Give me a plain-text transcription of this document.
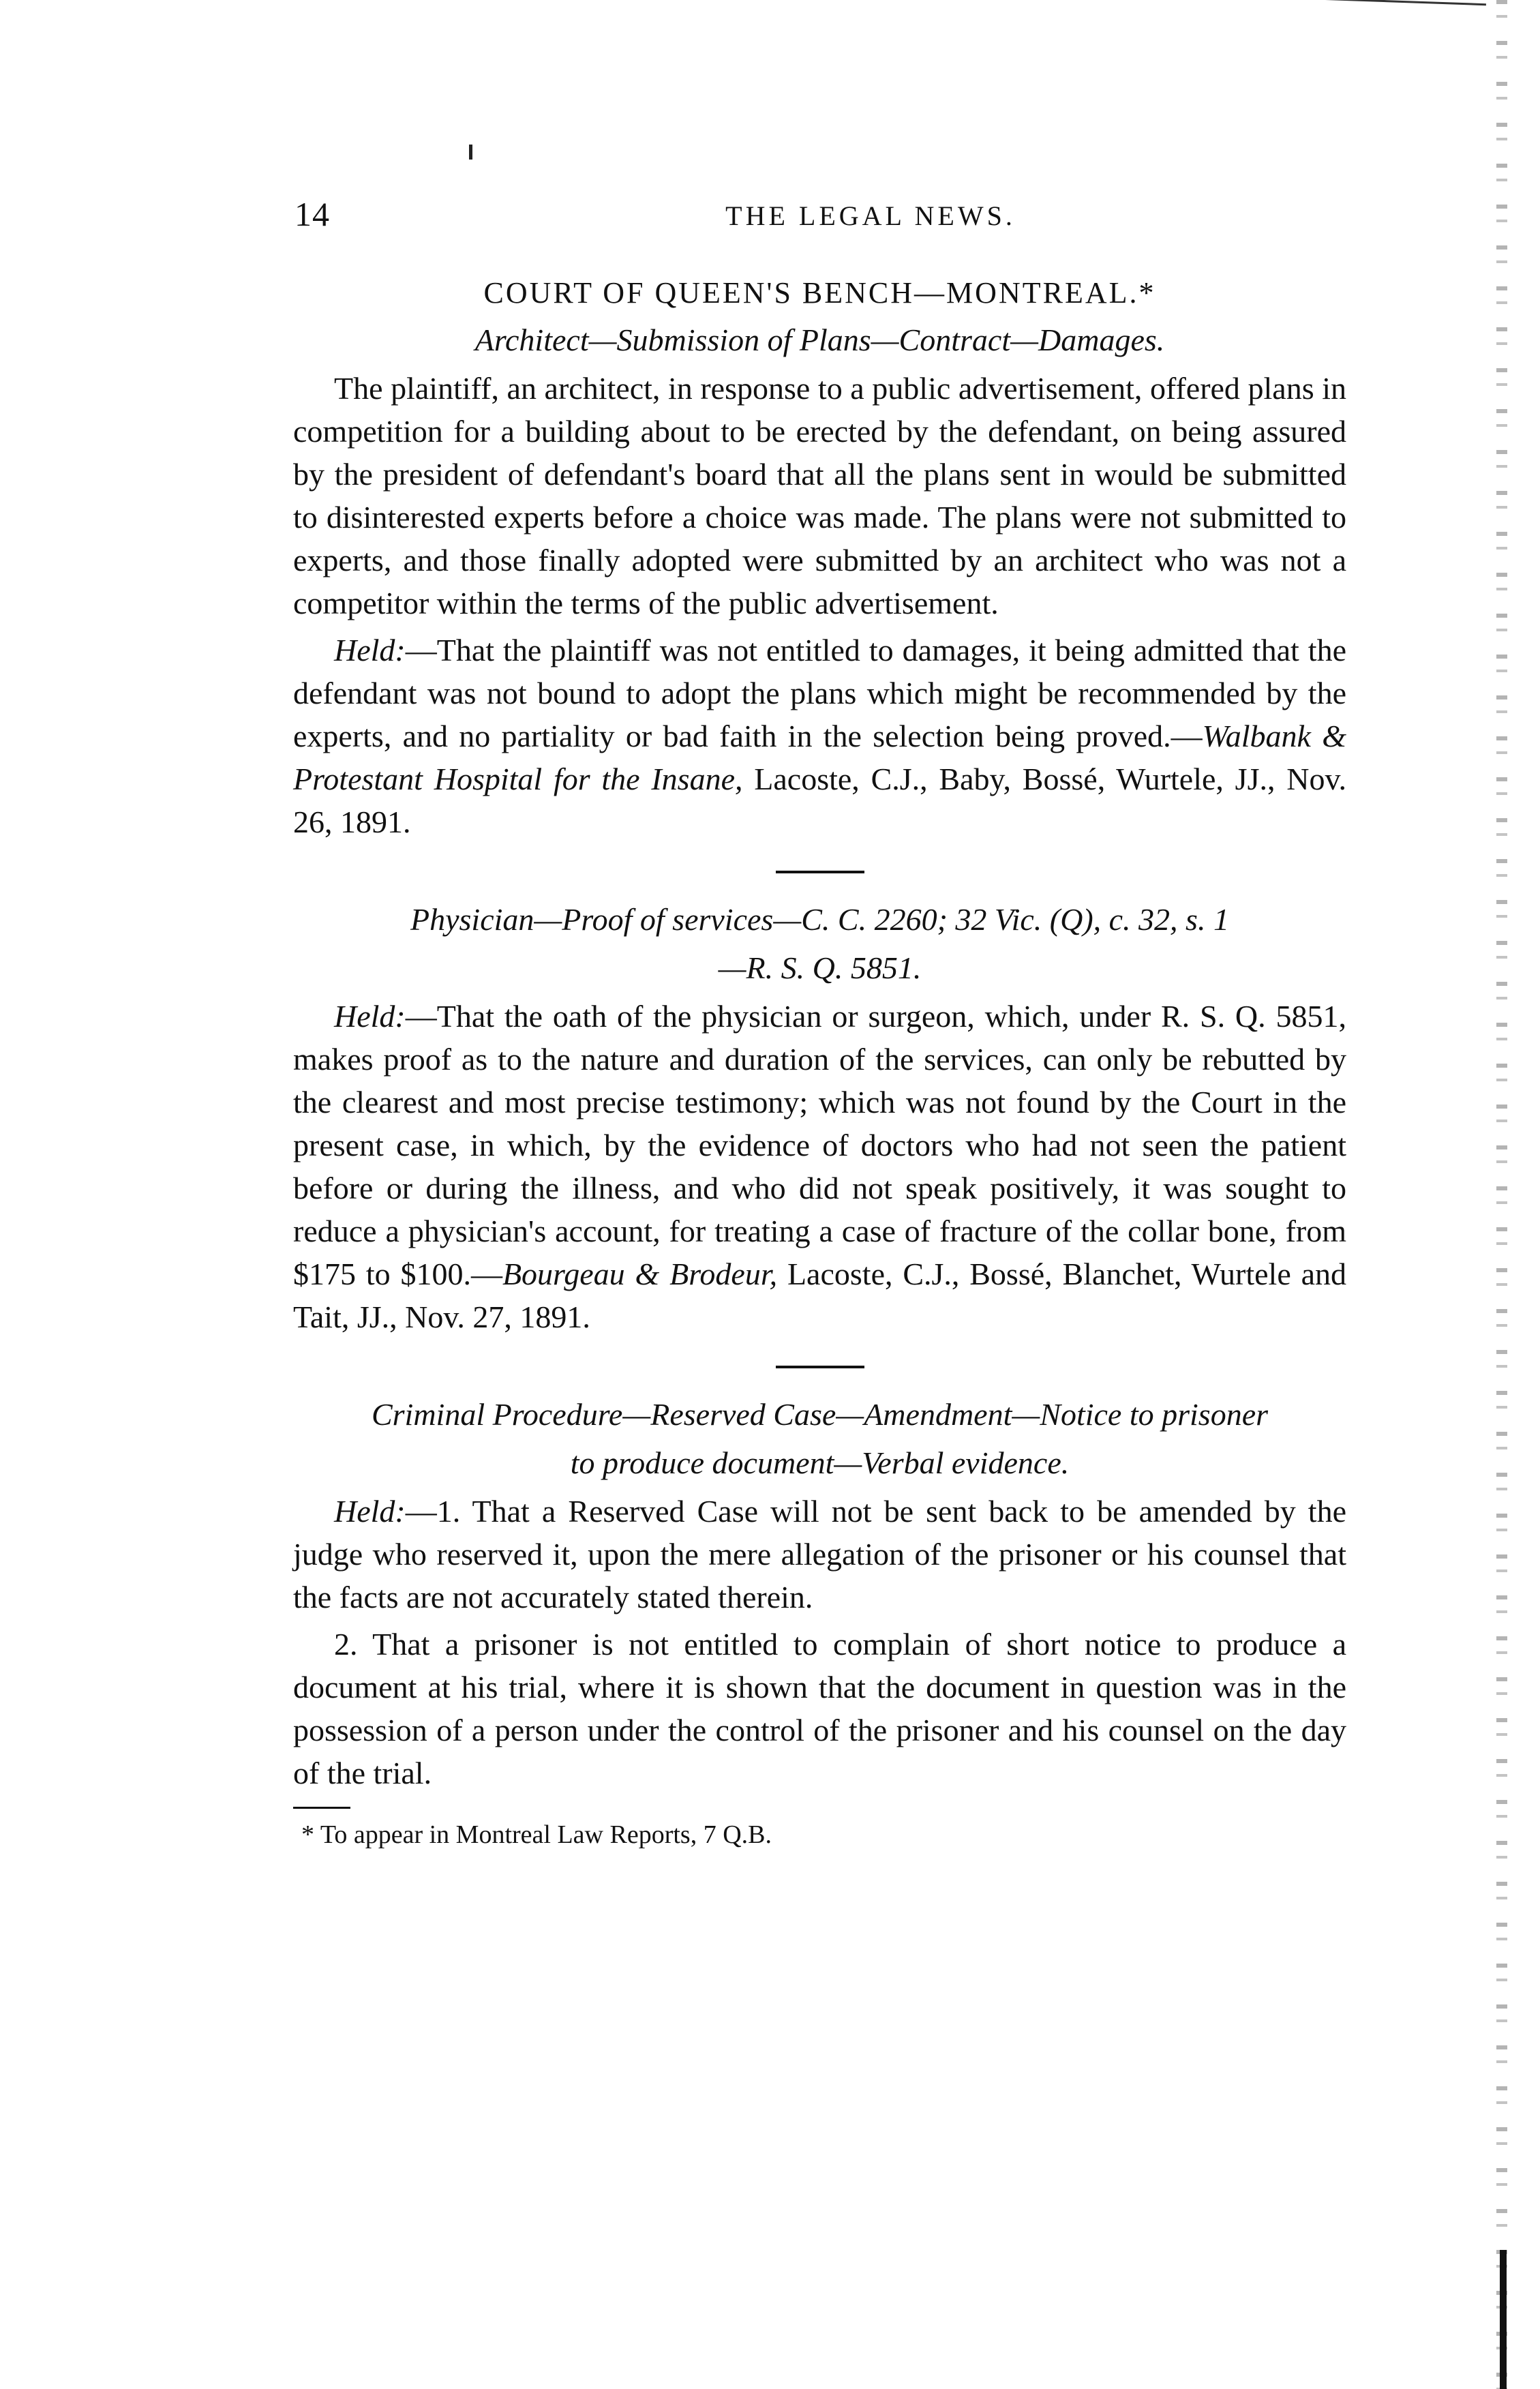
14	THE LEGAL NEWS.
COURT OF QUEEN'S BENCH—MONTREAL.*
Architect—Submission of Plans—Contract—Damages.

The plaintiff, an architect, in response to a public advertisement, offered plans in competition for a building about to be erected by the defendant, on being assured by the president of defendant's board that all the plans sent in would be submitted to disinterested experts before a choice was made. The plans were not submitted to experts, and those finally adopted were submitted by an architect who was not a competitor within the terms of the public advertisement.

Held:—That the plaintiff was not entitled to damages, it being admitted that the defendant was not bound to adopt the plans which might be recommended by the experts, and no partiality or bad faith in the selection being proved.—Walbank & Protestant Hospital for the Insane, Lacoste, C.J., Baby, Bossé, Wurtele, JJ., Nov. 26, 1891.

Physician—Proof of services—C. C. 2260; 32 Vic. (Q), c. 32, s. 1
—R. S. Q. 5851.

Held:—That the oath of the physician or surgeon, which, under R. S. Q. 5851, makes proof as to the nature and duration of the services, can only be rebutted by the clearest and most precise testimony; which was not found by the Court in the present case, in which, by the evidence of doctors who had not seen the patient before or during the illness, and who did not speak positively, it was sought to reduce a physician's account, for treating a case of fracture of the collar bone, from $175 to $100.—Bourgeau & Brodeur, Lacoste, C.J., Bossé, Blanchet, Wurtele and Tait, JJ., Nov. 27, 1891.

Criminal Procedure—Reserved Case—Amendment—Notice to prisoner
to produce document—Verbal evidence.

Held:—1. That a Reserved Case will not be sent back to be amended by the judge who reserved it, upon the mere allegation of the prisoner or his counsel that the facts are not accurately stated therein.

2. That a prisoner is not entitled to complain of short notice to produce a document at his trial, where it is shown that the document in question was in the possession of a person under the control of the prisoner and his counsel on the day of the trial.

* To appear in Montreal Law Reports, 7 Q.B.
